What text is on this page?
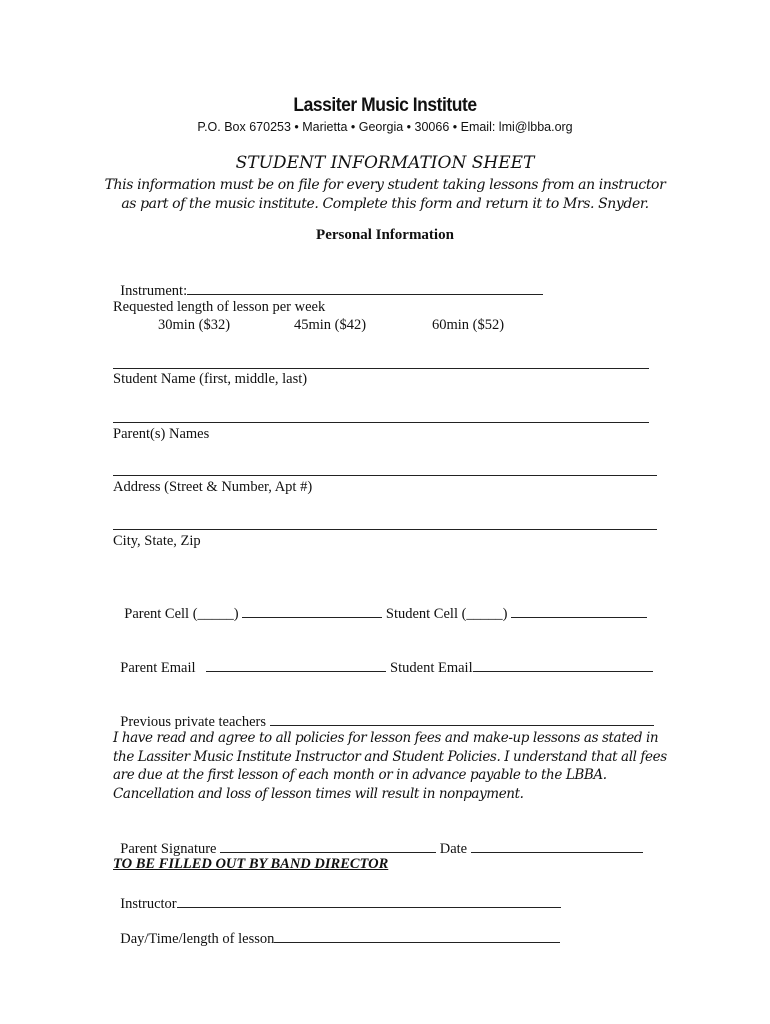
Lassiter Music Institute
P.O. Box 670253 • Marietta • Georgia • 30066 • Email: lmi@lbba.org
STUDENT INFORMATION SHEET
This information must be on file for every student taking lessons from an instructor as part of the music institute. Complete this form and return it to Mrs. Snyder.
Personal Information

Instrument:

Requested length of lesson per week
30min ($32)	45min ($42)	60min ($52)
Student Name (first, middle, last)
Parent(s) Names
Address (Street & Number, Apt #)
City, State, Zip

Parent Cell (_____)	Student Cell (_____)

Parent Email	Student Email

Previous private teachers

I have read and agree to all policies for lesson fees and make-up lessons as stated in the Lassiter Music Institute Instructor and Student Policies. I understand that all fees are due at the first lesson of each month or in advance payable to the LBBA. Cancellation and loss of lesson times will result in nonpayment.

Parent Signature	Date

TO BE FILLED OUT BY BAND DIRECTOR

Instructor

Day/Time/length of lesson
